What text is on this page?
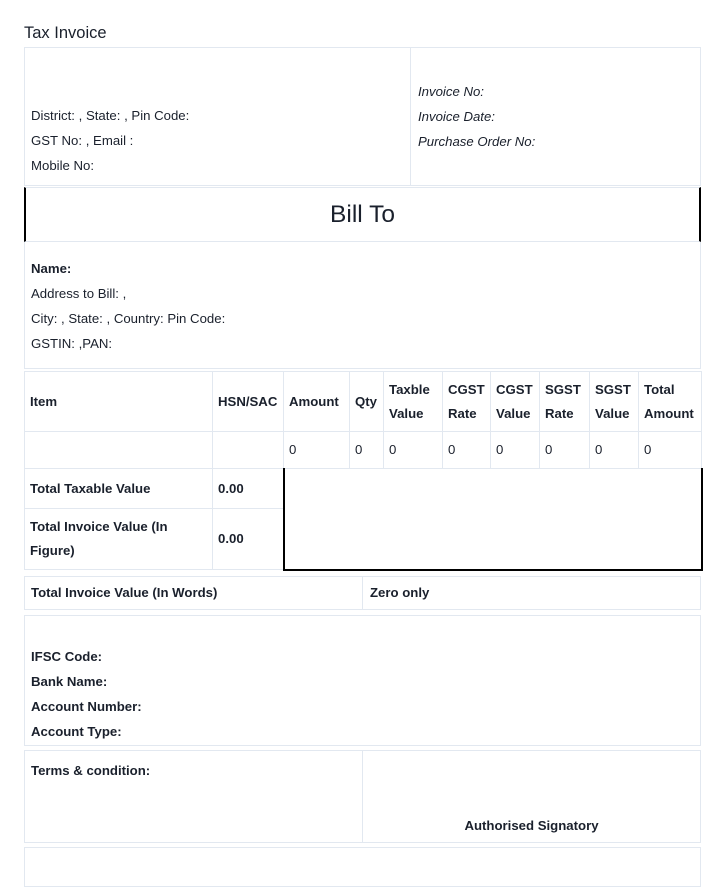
Tax Invoice

District: , State: , Pin Code:

GST No: , Email :

Mobile No:

Invoice No:

Invoice Date:

Purchase Order No:

Bill To

Name:

Address to Bill: ,

City: , State: , Country: Pin Code:

GSTIN: ,PAN:

Item	HSN/SAC	Amount	Qty	Taxble Value	CGST Rate	CGST Value	SGST Rate	SGST Value	Total Amount
		0	0	0	0	0	0	0	0
Total Taxable Value	0.00								
Total Invoice Value (In Figure)	0.00								
Total Invoice Value (In Words)	Zero only

IFSC Code:

Bank Name:

Account Number:

Account Type:

Terms & condition:

Authorised Signatory
